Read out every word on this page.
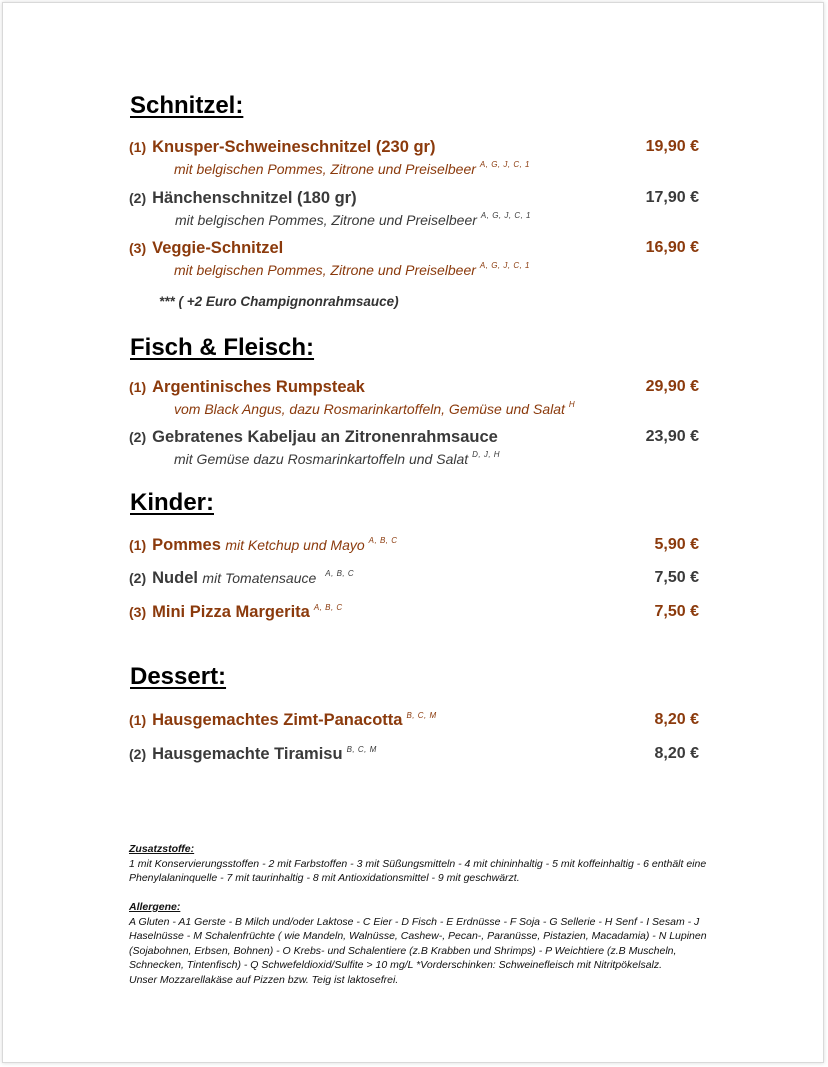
Schnitzel:
(1) Knusper-Schweineschnitzel (230 gr)	19,90 €
mit belgischen Pommes, Zitrone und Preiselbeer $^{A, G, J, C, 1}$
(2) Hänchenschnitzel (180 gr)	17,90 €
mit belgischen Pommes, Zitrone und Preiselbeer $^{A, G, J, C, 1}$
(3) Veggie-Schnitzel	16,90 €
mit belgischen Pommes, Zitrone und Preiselbeer $^{A, G, J, C, 1}$
*** ( +2 Euro Champignonrahmsauce)
Fisch & Fleisch:
(1) Argentinisches Rumpsteak	29,90 €
vom Black Angus, dazu Rosmarinkartoffeln, Gemüse und Salat $^H$
(2) Gebratenes Kabeljau an Zitronenrahmsauce	23,90 €
mit Gemüse dazu Rosmarinkartoffeln und Salat $^{D, J, H}$
Kinder:
(1) Pommes mit Ketchup und Mayo $^{A, B, C}$	5,90 €
(2) Nudel mit Tomatensauce $^{A, B, C}$	7,50 €
(3) Mini Pizza Margerita $^{A, B, C}$	7,50 €
Dessert:
(1) Hausgemachtes Zimt-Panacotta $^{B, C, M}$	8,20 €
(2) Hausgemachte Tiramisu $^{B, C, M}$	8,20 €
Zusatzstoffe:
1 mit Konservierungsstoffen - 2 mit Farbstoffen - 3 mit Süßungsmitteln - 4 mit chininhaltig - 5 mit koffeinhaltig - 6 enthält eine Phenylalaninquelle - 7 mit taurinhaltig - 8 mit Antioxidationsmittel - 9 mit geschwärzt.
Allergene:
A Gluten - A1 Gerste - B Milch und/oder Laktose - C Eier - D Fisch - E Erdnüsse - F Soja - G Sellerie - H Senf - I Sesam - J
Haselnüsse - M Schalenfrüchte ( wie Mandeln, Walnüsse, Cashew-, Pecan-, Paranüsse, Pistazien, Macadamia) - N Lupinen
(Sojabohnen, Erbsen, Bohnen) - O Krebs- und Schalentiere (z.B Krabben und Shrimps) - P Weichtiere (z.B Muscheln,
Schnecken, Tintenfisch) - Q Schwefeldioxid/Sulfite > 10 mg/L *Vorderschinken: Schweinefleisch mit Nitritpökelsalz.
Unser Mozzarellakäse auf Pizzen bzw. Teig ist laktosefrei.
